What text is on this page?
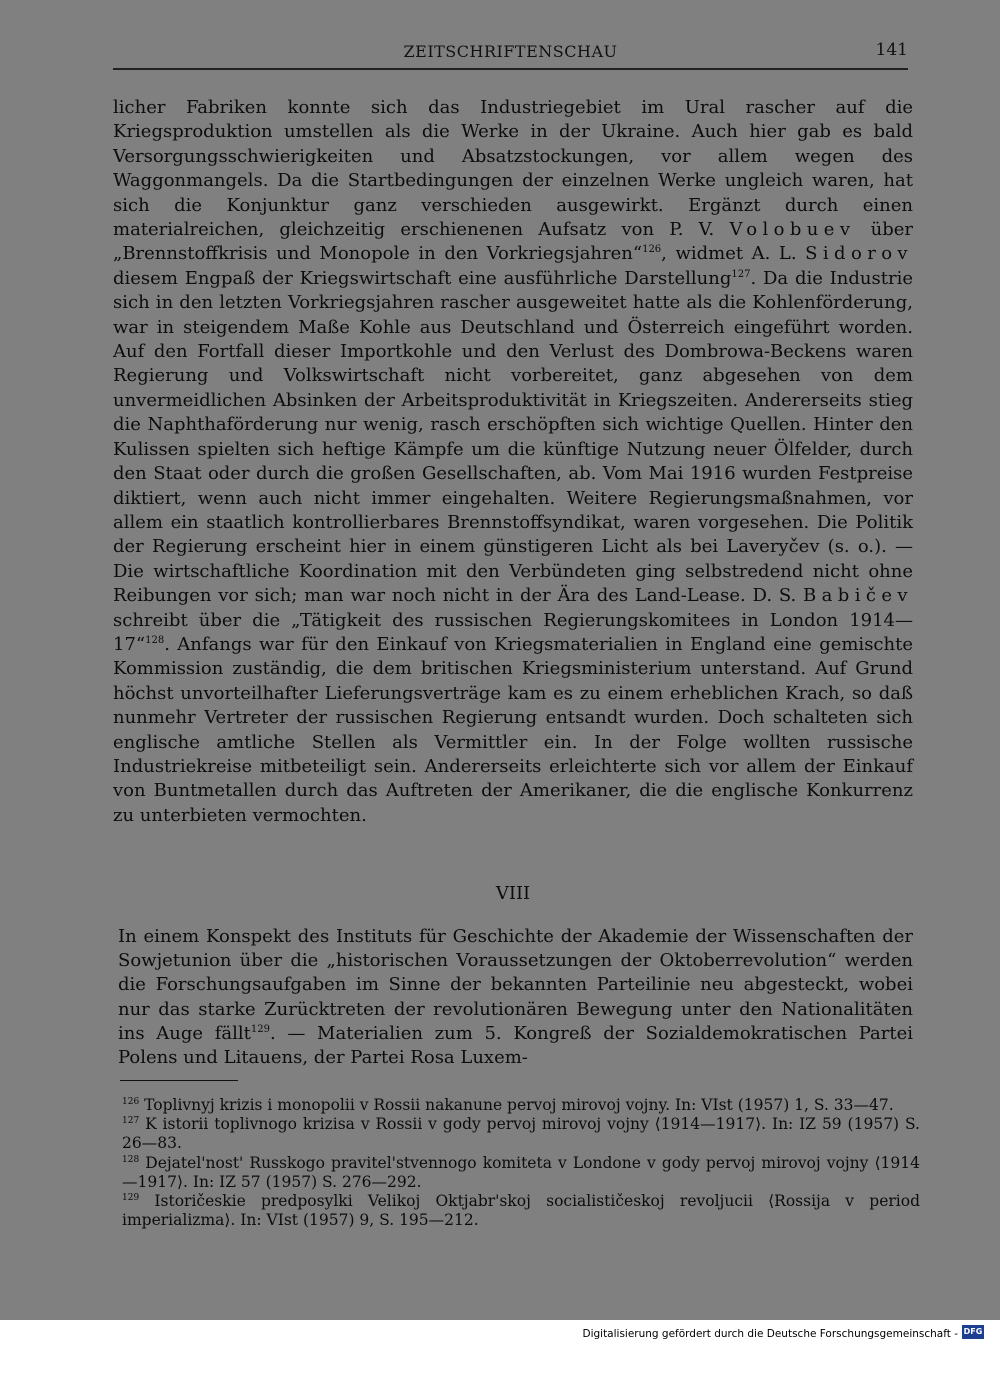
ZEITSCHRIFTENSCHAU	141

licher Fabriken konnte sich das Industriegebiet im Ural rascher auf die Kriegsproduktion umstellen als die Werke in der Ukraine. Auch hier gab es bald Versorgungsschwierigkeiten und Absatzstockungen, vor allem wegen des Waggonmangels. Da die Startbedingungen der einzelnen Werke ungleich waren, hat sich die Konjunktur ganz verschieden ausgewirkt. Ergänzt durch einen materialreichen, gleichzeitig erschienenen Aufsatz von P. V. Volobuev über „Brennstoffkrisis und Monopole in den Vorkriegsjahren“$^{126}$, widmet A. L. Sidorov diesem Engpaß der Kriegswirtschaft eine ausführliche Darstellung$^{127}$. Da die Industrie sich in den letzten Vorkriegsjahren rascher ausgeweitet hatte als die Kohlenförderung, war in steigendem Maße Kohle aus Deutschland und Österreich eingeführt worden. Auf den Fortfall dieser Importkohle und den Verlust des Dombrowa-Beckens waren Regierung und Volkswirtschaft nicht vorbereitet, ganz abgesehen von dem unvermeidlichen Absinken der Arbeitsproduktivität in Kriegszeiten. Andererseits stieg die Naphthaförderung nur wenig, rasch erschöpften sich wichtige Quellen. Hinter den Kulissen spielten sich heftige Kämpfe um die künftige Nutzung neuer Ölfelder, durch den Staat oder durch die großen Gesellschaften, ab. Vom Mai 1916 wurden Festpreise diktiert, wenn auch nicht immer eingehalten. Weitere Regierungsmaßnahmen, vor allem ein staatlich kontrollierbares Brennstoffsyndikat, waren vorgesehen. Die Politik der Regierung erscheint hier in einem günstigeren Licht als bei Laveryčev (s. o.). — Die wirtschaftliche Koordination mit den Verbündeten ging selbstredend nicht ohne Reibungen vor sich; man war noch nicht in der Ära des Land-Lease. D. S. Babičev schreibt über die „Tätigkeit des russischen Regierungskomitees in London 1914—17“$^{128}$. Anfangs war für den Einkauf von Kriegsmaterialien in England eine gemischte Kommission zuständig, die dem britischen Kriegsministerium unterstand. Auf Grund höchst unvorteilhafter Lieferungsverträge kam es zu einem erheblichen Krach, so daß nunmehr Vertreter der russischen Regierung entsandt wurden. Doch schalteten sich englische amtliche Stellen als Vermittler ein. In der Folge wollten russische Industriekreise mitbeteiligt sein. Andererseits erleichterte sich vor allem der Einkauf von Buntmetallen durch das Auftreten der Amerikaner, die die englische Konkurrenz zu unterbieten vermochten.

VIII

In einem Konspekt des Instituts für Geschichte der Akademie der Wissenschaften der Sowjetunion über die „historischen Voraussetzungen der Oktoberrevolution“ werden die Forschungsaufgaben im Sinne der bekannten Parteilinie neu abgesteckt, wobei nur das starke Zurücktreten der revolutionären Bewegung unter den Nationalitäten ins Auge fällt$^{129}$. — Materialien zum 5. Kongreß der Sozialdemokratischen Partei Polens und Litauens, der Partei Rosa Luxem-

$^{126}$ Toplivnyj krizis i monopolii v Rossii nakanune pervoj mirovoj vojny. In: VIst (1957) 1, S. 33—47.

$^{127}$ K istorii toplivnogo krizisa v Rossii v gody pervoj mirovoj vojny ⟨1914—1917⟩. In: IZ 59 (1957) S. 26—83.

$^{128}$ Dejatel'nost' Russkogo pravitel'stvennogo komiteta v Londone v gody pervoj mirovoj vojny ⟨1914—1917⟩. In: IZ 57 (1957) S. 276—292.

$^{129}$ Istoričeskie predposylki Velikoj Oktjabr'skoj socialističeskoj revoljucii ⟨Rossija v period imperializma⟩. In: VIst (1957) 9, S. 195—212.

Digitalisierung gefördert durch die Deutsche Forschungsgemeinschaft - DFG
